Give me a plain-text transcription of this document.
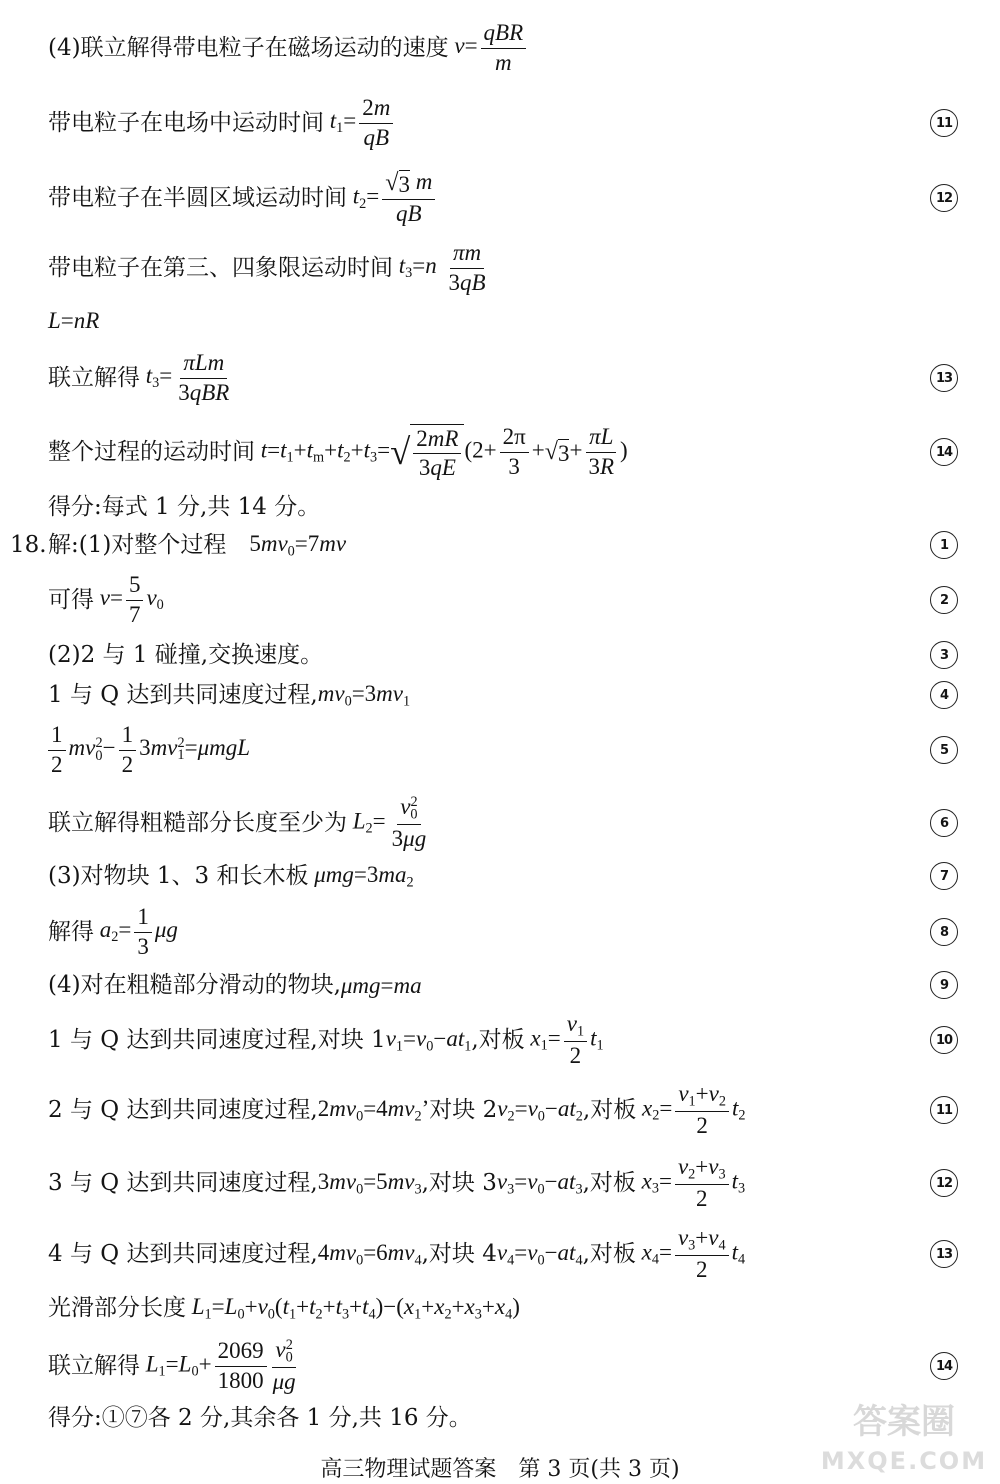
(4)联立解得带电粒子在磁场运动的速度 $v= \frac{\text{qBR}}{m}$
带电粒子在电场中运动时间 $t_1= \frac{2m}{qB}$	11
带电粒子在半圆区域运动时间 $t_2= \frac{√ 3 m}{qB}$	12
带电粒子在第三、四象限运动时间 $t_3=n \frac{\pi m}{3qB}$
L=nR
联立解得 $t_3= \frac{\text{πLm}}{\text{3qBR}}$	13
整个过程的运动时间 $t=t_1+t_m+t_2+t_3=$ √ $\frac{2mR}{3qE} (2+ \frac{2\pi}{3}$ + √ $3 + \frac{\pi L}{3R}$ )	14
得分:每式 1 分,共 14 分。
18. 解:(1)对整个过程	$5mv_0=7mv$	1
可得 $v= \frac{5}{7} v_0$	2
(2)2 与 1 碰撞,交换速度。	3
1 与 Q 达到共同速度过程, $mv_0=3mv_1$	4
$\frac{1}{2} mv_0^2- \frac{1}{2} 3mv_1^2=\mu mgL$	5
联立解得粗糙部分长度至少为 $L_2= \frac{v_0^2}{3\mu g}$	6
(3)对物块 1、3 和长木板 $\mu mg=3ma_2$	7
解得 $a_2= \frac{1}{3}$ μg	8
(4)对在粗糙部分滑动的物块, μmg=ma	9
1 与 Q 达到共同速度过程,对块 1 $v_1=v_0-at_1$ ,对板 $x_1= \frac{v_1}{2} t_1$	10
2 与 Q 达到共同速度过程, $2mv_0=4mv_2$’ 对块 2 $v_2=v_0-at_2$ ,对板 $x_2= \frac{v_1+v_2}{2} t_2$	11
3 与 Q 达到共同速度过程, $3mv_0=5mv_3$ ,对块 3 $v_3=v_0-at_3$ ,对板 $x_3= \frac{v_2+v_3}{2} t_3$	12
4 与 Q 达到共同速度过程, $4mv_0=6mv_4$ ,对块 4 $v_4=v_0-at_4$ ,对板 $x_4= \frac{v_3+v_4}{2} t_4$	13
光滑部分长度 $L_1=L_0+v_0(t_1+t_2+t_3+t_4)-(x_1+x_2+x_3+x_4)$
联立解得 $L_1=L_0+ \frac{2069}{1800} \frac{v_0^2}{\mu g}$	14
得分:①⑦各 2 分,其余各 1 分,共 16 分。
高三物理试题答案　第 3 页(共 3 页)
答案圈
MXQE.COM
